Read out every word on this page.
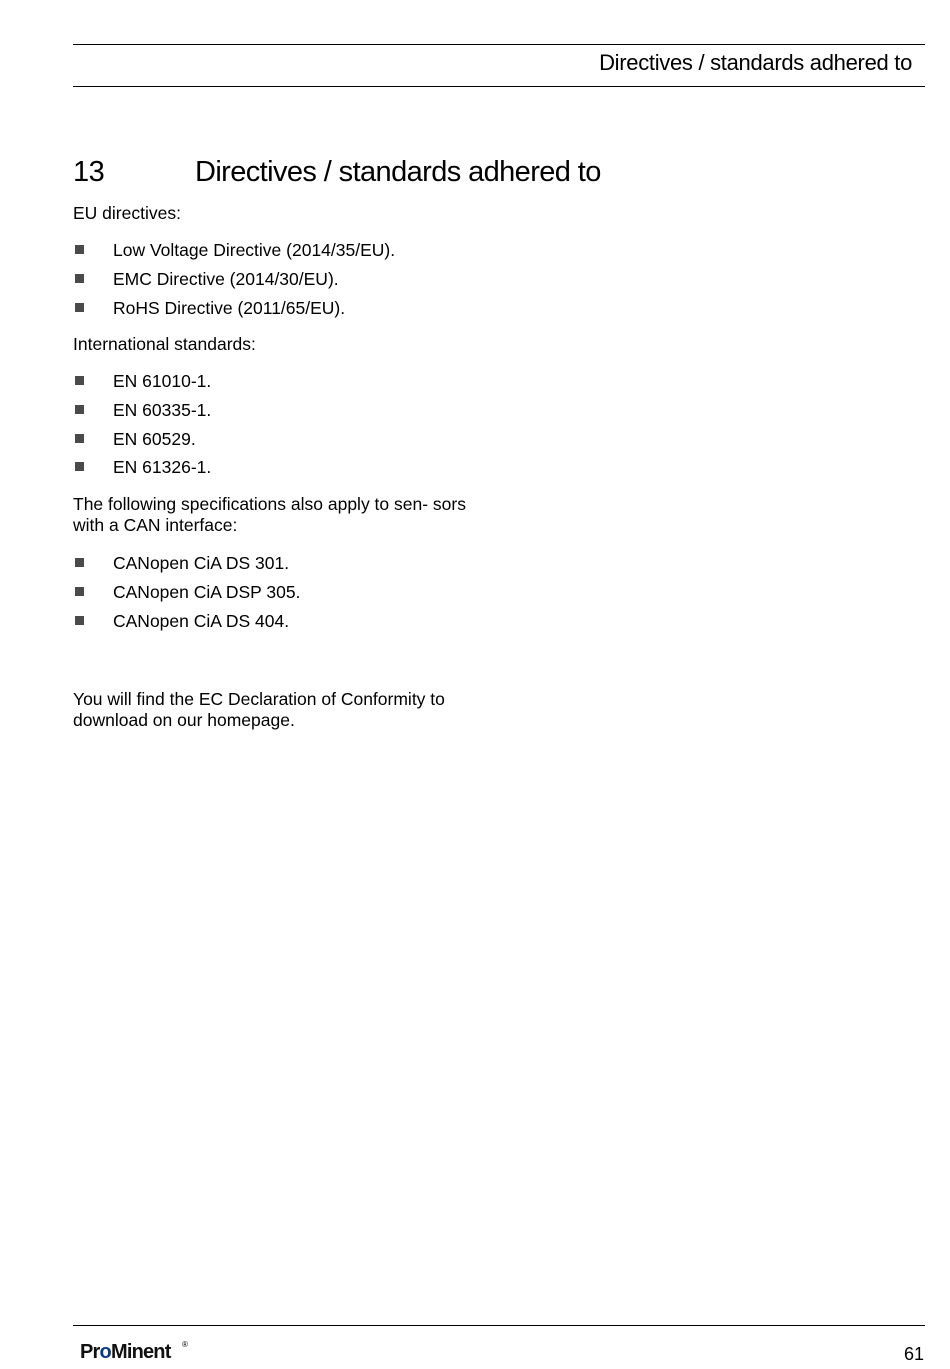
Directives / standards adhered to
13	Directives / standards adhered to
EU directives:
Low Voltage Directive (2014/35/EU).
EMC Directive (2014/30/EU).
RoHS Directive (2011/65/EU).
International standards:
EN 61010-1.
EN 60335-1.
EN 60529.
EN 61326-1.
The following specifications also apply to sen- sors with a CAN interface:
CANopen CiA DS 301.
CANopen CiA DSP 305.
CANopen CiA DS 404.
You will find the EC Declaration of Conformity to download on our homepage.
ProMinent ®	61
